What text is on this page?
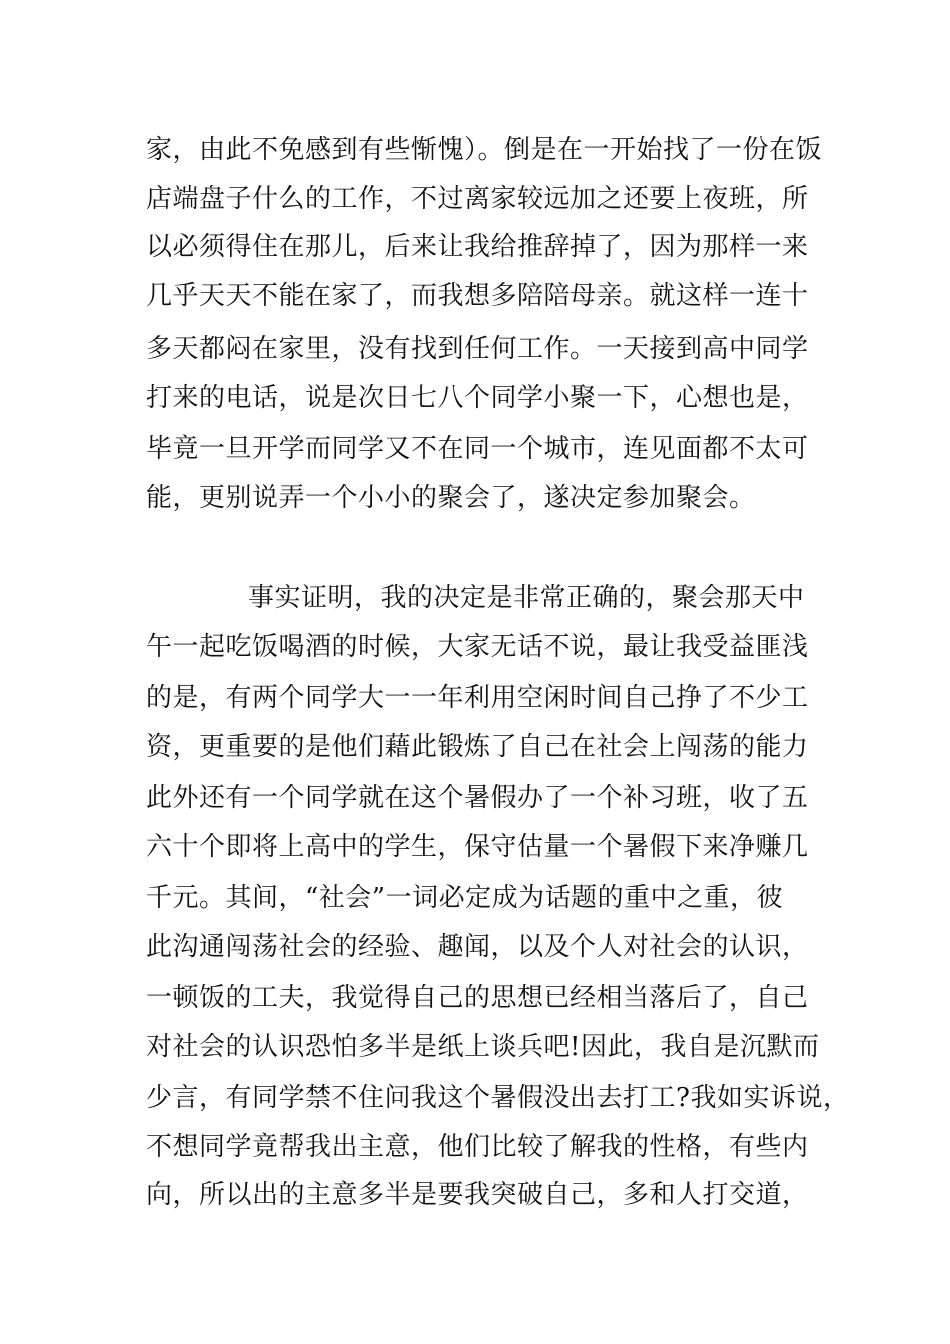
家，由此不免感到有些惭愧）。倒是在一开始找了一份在饭
店端盘子什么的工作，不过离家较远加之还要上夜班，所
以必须得住在那儿，后来让我给推辞掉了，因为那样一来
几乎天天不能在家了，而我想多陪陪母亲。就这样一连十
多天都闷在家里，没有找到任何工作。一天接到高中同学
打来的电话，说是次日七八个同学小聚一下，心想也是，
毕竟一旦开学而同学又不在同一个城市，连见面都不太可
能，更别说弄一个小小的聚会了，遂决定参加聚会。
事实证明，我的决定是非常正确的，聚会那天中
午一起吃饭喝酒的时候，大家无话不说，最让我受益匪浅
的是，有两个同学大一一年利用空闲时间自己挣了不少工
资，更重要的是他们藉此锻炼了自己在社会上闯荡的能力
此外还有一个同学就在这个暑假办了一个补习班，收了五
六十个即将上高中的学生，保守估量一个暑假下来净赚几
千元。其间，“社会”一词必定成为话题的重中之重，彼
此沟通闯荡社会的经验、趣闻，以及个人对社会的认识，
一顿饭的工夫，我觉得自己的思想已经相当落后了，自己
对社会的认识恐怕多半是纸上谈兵吧!因此，我自是沉默而
少言，有同学禁不住问我这个暑假没出去打工?我如实诉说，
不想同学竟帮我出主意，他们比较了解我的性格，有些内
向，所以出的主意多半是要我突破自己，多和人打交道，
